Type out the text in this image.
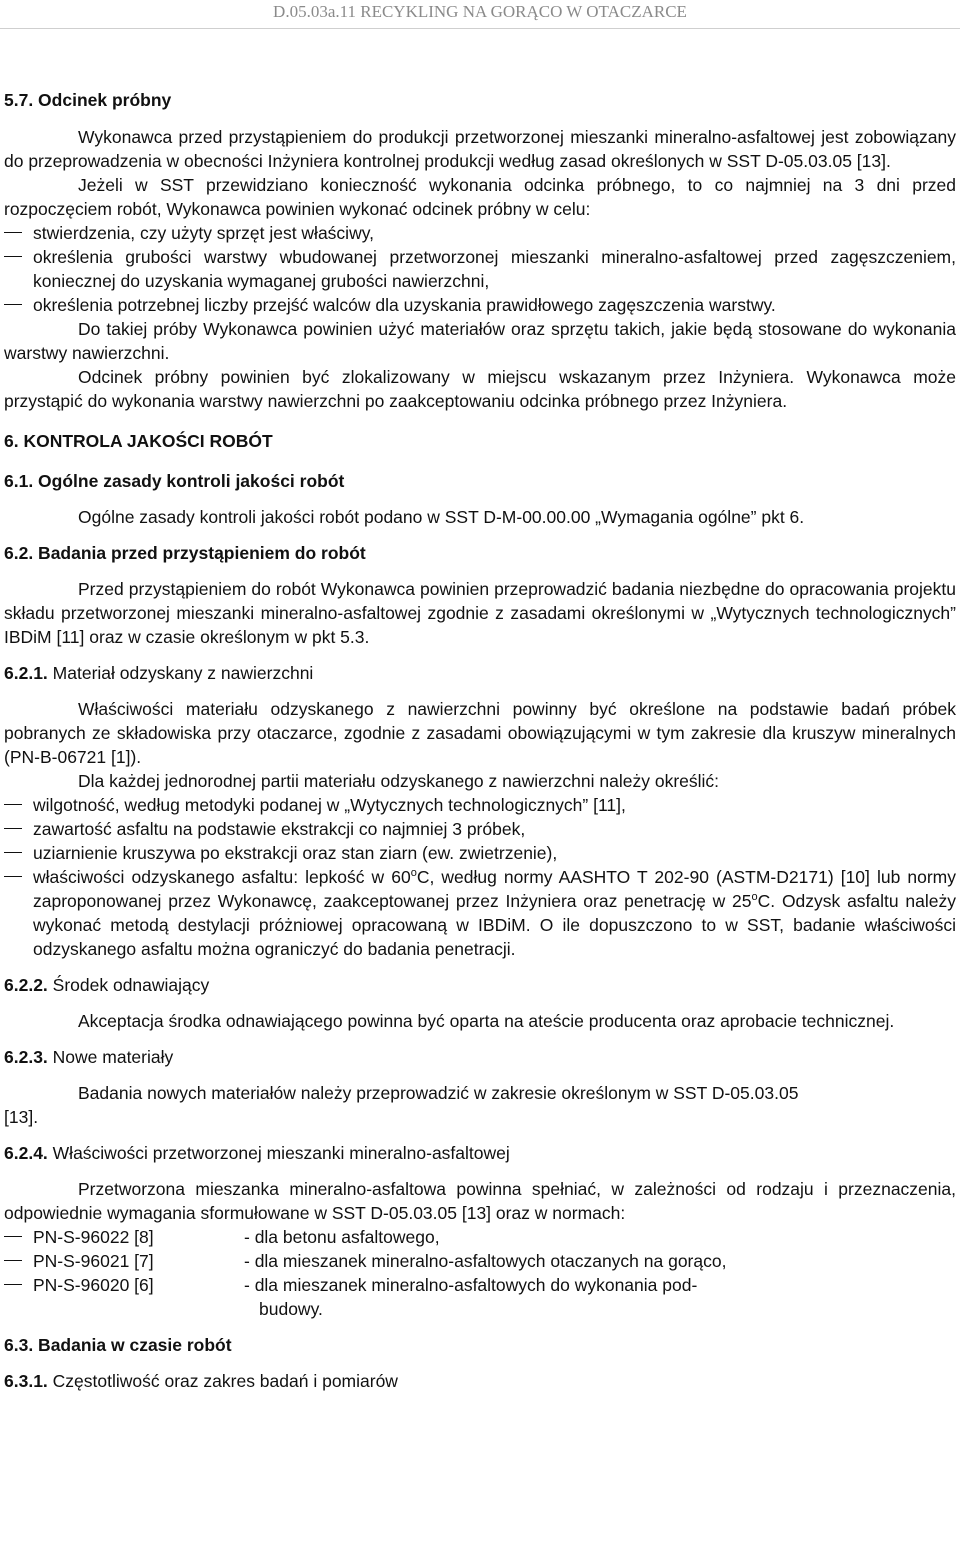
D.05.03a.11 RECYKLING NA GORĄCO W OTACZARCE

5.7. Odcinek próbny

Wykonawca przed przystąpieniem do produkcji przetworzonej mieszanki mineralno-asfaltowej jest zobowiązany do przeprowadzenia w obecności Inżyniera kontrolnej produkcji według zasad określonych w SST D-05.03.05 [13].

Jeżeli w SST przewidziano konieczność wykonania odcinka próbnego, to co najmniej na 3 dni przed rozpoczęciem robót, Wykonawca powinien wykonać odcinek próbny w celu:

stwierdzenia, czy użyty sprzęt jest właściwy,
określenia grubości warstwy wbudowanej przetworzonej mieszanki mineralno-asfaltowej przed zagęszczeniem, koniecznej do uzyskania wymaganej grubości nawierzchni,
określenia potrzebnej liczby przejść walców dla uzyskania prawidłowego zagęszczenia warstwy.

Do takiej próby Wykonawca powinien użyć materiałów oraz sprzętu takich, jakie będą stosowane do wykonania warstwy nawierzchni.

Odcinek próbny powinien być zlokalizowany w miejscu wskazanym przez Inżyniera. Wykonawca może przystąpić do wykonania warstwy nawierzchni po zaakceptowaniu odcinka próbnego przez Inżyniera.

6. KONTROLA JAKOŚCI ROBÓT

6.1. Ogólne zasady kontroli jakości robót

Ogólne zasady kontroli jakości robót podano w SST D-M-00.00.00 „Wymagania ogólne” pkt 6.

6.2. Badania przed przystąpieniem do robót

Przed przystąpieniem do robót Wykonawca powinien przeprowadzić badania niezbędne do opracowania projektu składu przetworzonej mieszanki mineralno-asfaltowej zgodnie z zasadami określonymi w „Wytycznych technologicznych” IBDiM [11] oraz w czasie określonym w pkt 5.3.

6.2.1. Materiał odzyskany z nawierzchni

Właściwości materiału odzyskanego z nawierzchni powinny być określone na podstawie badań próbek pobranych ze składowiska przy otaczarce, zgodnie z zasadami obowiązującymi w tym zakresie dla kruszyw mineralnych (PN-B-06721 [1]).

Dla każdej jednorodnej partii materiału odzyskanego z nawierzchni należy określić:

wilgotność, według metodyki podanej w „Wytycznych technologicznych” [11],
zawartość asfaltu na podstawie ekstrakcji co najmniej 3 próbek,
uziarnienie kruszywa po ekstrakcji oraz stan ziarn (ew. zwietrzenie),
właściwości odzyskanego asfaltu: lepkość w 60$^o$C, według normy AASHTO T 202-90 (ASTM-D2171) [10] lub normy zaproponowanej przez Wykonawcę, zaakceptowanej przez Inżyniera oraz penetrację w 25$^o$C. Odzysk asfaltu należy wykonać metodą destylacji próżniowej opracowaną w IBDiM. O ile dopuszczono to w SST, badanie właściwości odzyskanego asfaltu można ograniczyć do badania penetracji.

6.2.2. Środek odnawiający

Akceptacja środka odnawiającego powinna być oparta na ateście producenta oraz aprobacie technicznej.

6.2.3. Nowe materiały

Badania nowych materiałów należy przeprowadzić w zakresie określonym w SST D-05.03.05

[13].

6.2.4. Właściwości przetworzonej mieszanki mineralno-asfaltowej

Przetworzona mieszanka mineralno-asfaltowa powinna spełniać, w zależności od rodzaju i przeznaczenia, odpowiednie wymagania sformułowane w SST D-05.03.05 [13] oraz w normach:

PN-S-96022 [8]	- dla betonu asfaltowego,
PN-S-96021 [7]	- dla mieszanek mineralno-asfaltowych otaczanych na gorąco,
PN-S-96020 [6]	- dla mieszanek mineralno-asfaltowych do wykonania pod-

budowy.

6.3. Badania w czasie robót

6.3.1. Częstotliwość oraz zakres badań i pomiarów
